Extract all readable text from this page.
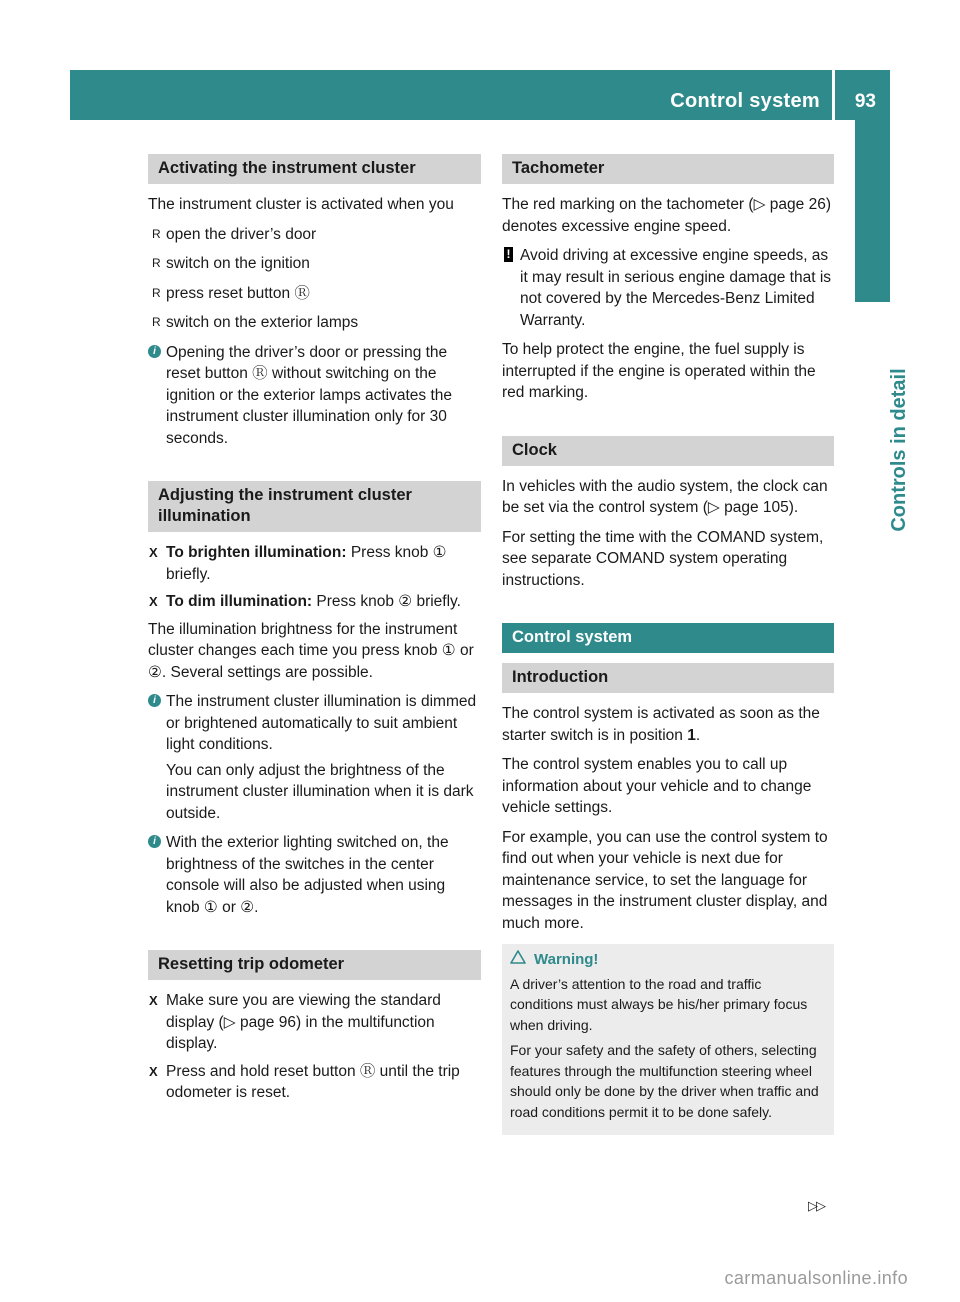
Control system 93
Controls in detail
Activating the instrument cluster

The instrument cluster is activated when you

R open the driver’s door
R switch on the ignition
R press reset button Ⓡ
R switch on the exterior lamps
i Opening the driver’s door or pressing the reset button Ⓡ without switching on the ignition or the exterior lamps activates the instrument cluster illumination only for 30 seconds.

Adjusting the instrument cluster illumination
X To brighten illumination: Press knob ① briefly.
X To dim illumination: Press knob ② briefly.

The illumination brightness for the instrument cluster changes each time you press knob ① or ②. Several settings are possible.

i The instrument cluster illumination is dimmed or brightened automatically to suit ambient light conditions.

You can only adjust the brightness of the instrument cluster illumination when it is dark outside.

i With the exterior lighting switched on, the brightness of the switches in the center console will also be adjusted when using knob ① or ②.

Resetting trip odometer
X Make sure you are viewing the standard display (▷ page 96) in the multifunction display.
X Press and hold reset button Ⓡ until the trip odometer is reset.
Tachometer

The red marking on the tachometer (▷ page 26) denotes excessive engine speed.

! Avoid driving at excessive engine speeds, as it may result in serious engine damage that is not covered by the Mercedes-Benz Limited Warranty.

To help protect the engine, the fuel supply is interrupted if the engine is operated within the red marking.

Clock

In vehicles with the audio system, the clock can be set via the control system (▷ page 105).

For setting the time with the COMAND system, see separate COMAND system operating instructions.

Control system
Introduction

The control system is activated as soon as the starter switch is in position 1.

The control system enables you to call up information about your vehicle and to change vehicle settings.

For example, you can use the control system to find out when your vehicle is next due for maintenance service, to set the language for messages in the instrument cluster display, and much more.

Warning!

A driver’s attention to the road and traffic conditions must always be his/her primary focus when driving.

For your safety and the safety of others, selecting features through the multifunction steering wheel should only be done by the driver when traffic and road conditions permit it to be done safely.

▷▷
carmanualsonline.info
